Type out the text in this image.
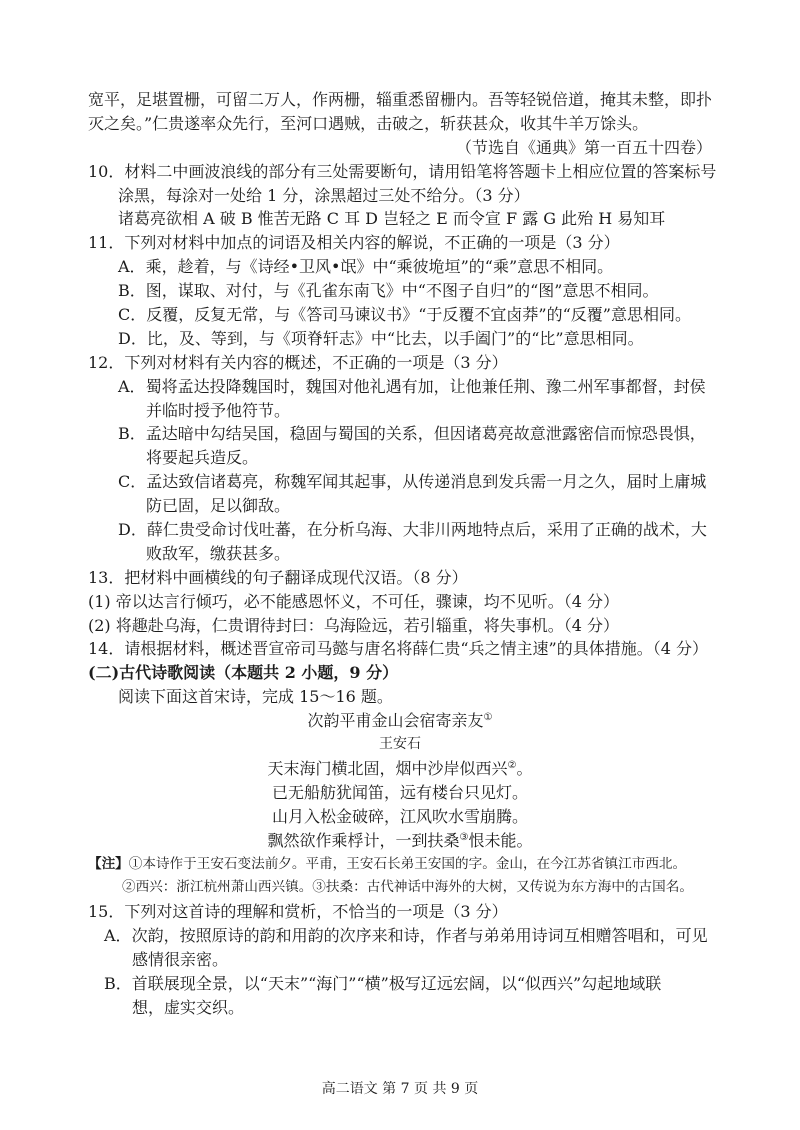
宽平，足堪置栅，可留二万人，作两栅，辎重悉留栅内。吾等轻锐倍道，掩其未整，即扑
灭之矣。”仁贵遂率众先行，至河口遇贼，击破之，斩获甚众，收其牛羊万馀头。
（节选自《通典》第一百五十四卷）
10．材料二中画波浪线的部分有三处需要断句，请用铅笔将答题卡上相应位置的答案标号
涂黑，每涂对一处给 1 分，涂黑超过三处不给分。（3 分）
诸葛亮欲相 A 破 B 惟苦无路 C 耳 D 岂轻之 E 而令宣 F 露 G 此殆 H 易知耳
11．下列对材料中加点的词语及相关内容的解说，不正确的一项是（3 分）
A．乘，趁着，与《诗经•卫风•氓》中“乘彼垝垣”的“乘”意思不相同。
B．图，谋取、对付，与《孔雀东南飞》中“不图子自归”的“图”意思不相同。
C．反覆，反复无常，与《答司马谏议书》“于反覆不宜卤莽”的“反覆”意思相同。
D．比，及、等到，与《项脊轩志》中“比去，以手阖门”的“比”意思相同。
12．下列对材料有关内容的概述，不正确的一项是（3 分）
A．蜀将孟达投降魏国时，魏国对他礼遇有加，让他兼任荆、豫二州军事都督，封侯
并临时授予他符节。
B．孟达暗中勾结吴国，稳固与蜀国的关系，但因诸葛亮故意泄露密信而惊恐畏惧，
将要起兵造反。
C．孟达致信诸葛亮，称魏军闻其起事，从传递消息到发兵需一月之久，届时上庸城
防已固，足以御敌。
D．薛仁贵受命讨伐吐蕃，在分析乌海、大非川两地特点后，采用了正确的战术，大
败敌军，缴获甚多。
13．把材料中画横线的句子翻译成现代汉语。（8 分）
(1) 帝以达言行倾巧，必不能感恩怀义，不可任，骤谏，均不见听。（4 分）
(2) 将趣赴乌海，仁贵谓待封曰：乌海险远，若引辎重，将失事机。（4 分）
14．请根据材料，概述晋宣帝司马懿与唐名将薛仁贵“兵之情主速”的具体措施。（4 分）
(二)古代诗歌阅读（本题共 2 小题，9 分）
阅读下面这首宋诗，完成 15～16 题。
次韵平甫金山会宿寄亲友①
王安石
天末海门横北固，烟中沙岸似西兴②。
已无船舫犹闻笛，远有楼台只见灯。
山月入松金破碎，江风吹水雪崩腾。
飘然欲作乘桴计，一到扶桑③恨未能。
【注】①本诗作于王安石变法前夕。平甫，王安石长弟王安国的字。金山，在今江苏省镇江市西北。
②西兴：浙江杭州萧山西兴镇。③扶桑：古代神话中海外的大树，又传说为东方海中的古国名。
15．下列对这首诗的理解和赏析，不恰当的一项是（3 分）
A．次韵，按照原诗的韵和用韵的次序来和诗，作者与弟弟用诗词互相赠答唱和，可见
感情很亲密。
B．首联展现全景，以“天末”“海门”“横”极写辽远宏阔，以“似西兴”勾起地域联
想，虚实交织。
高二语文 第 7 页 共 9 页
